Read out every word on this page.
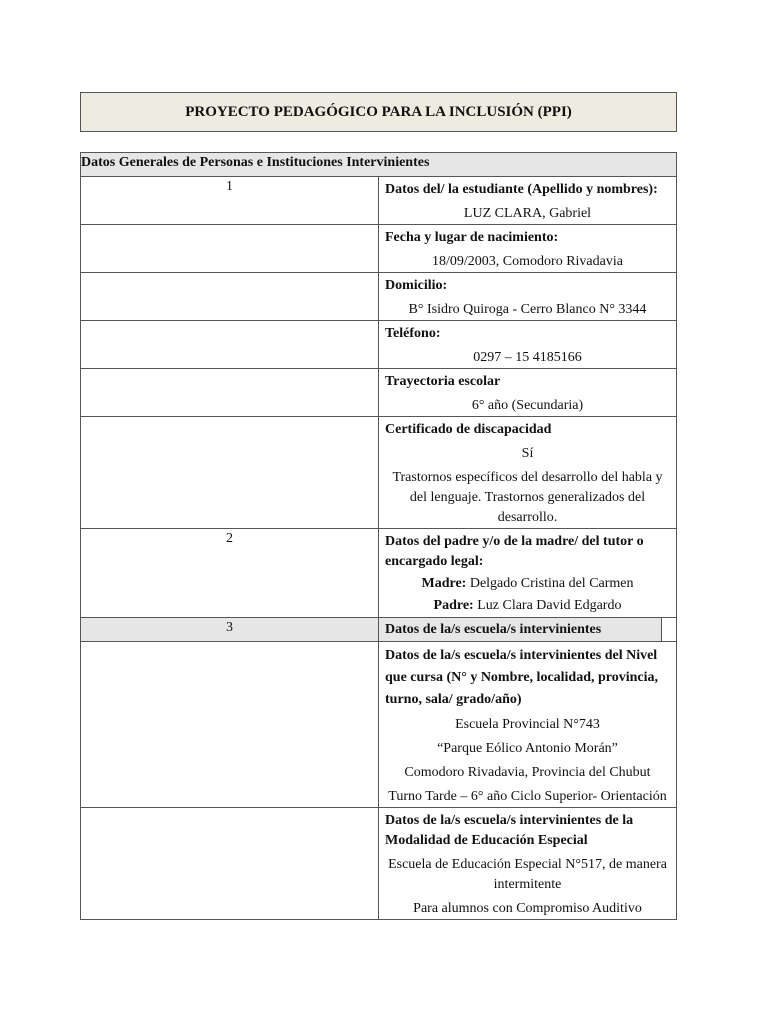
PROYECTO PEDAGÓGICO PARA LA INCLUSIÓN (PPI)
Datos Generales de Personas e Instituciones Intervinientes	
1	Datos del/ la estudiante (Apellido y nombres):
LUZ CLARA, Gabriel

	Fecha y lugar de nacimiento:
18/09/2003, Comodoro Rivadavia

	Domicilio:
B° Isidro Quiroga - Cerro Blanco N° 3344

	Teléfono:
0297 – 15 4185166

	Trayectoria escolar
6° año (Secundaria)

	Certificado de discapacidad
Sí
Trastornos específicos del desarrollo del habla y del lenguaje. Trastornos generalizados del desarrollo.

2	Datos del padre y/o de la madre/ del tutor o encargado legal:
Madre: Delgado Cristina del Carmen
Padre: Luz Clara David Edgardo

3	Datos de la/s escuela/s intervinientes

	Datos de la/s escuela/s intervinientes del Nivel que cursa (N° y Nombre, localidad, provincia, turno, sala/ grado/año)
Escuela Provincial N°743
“Parque Eólico Antonio Morán”
Comodoro Rivadavia, Provincia del Chubut
Turno Tarde – 6° año Ciclo Superior- Orientación

	Datos de la/s escuela/s intervinientes de la Modalidad de Educación Especial
Escuela de Educación Especial N°517, de manera intermitente
Para alumnos con Compromiso Auditivo
